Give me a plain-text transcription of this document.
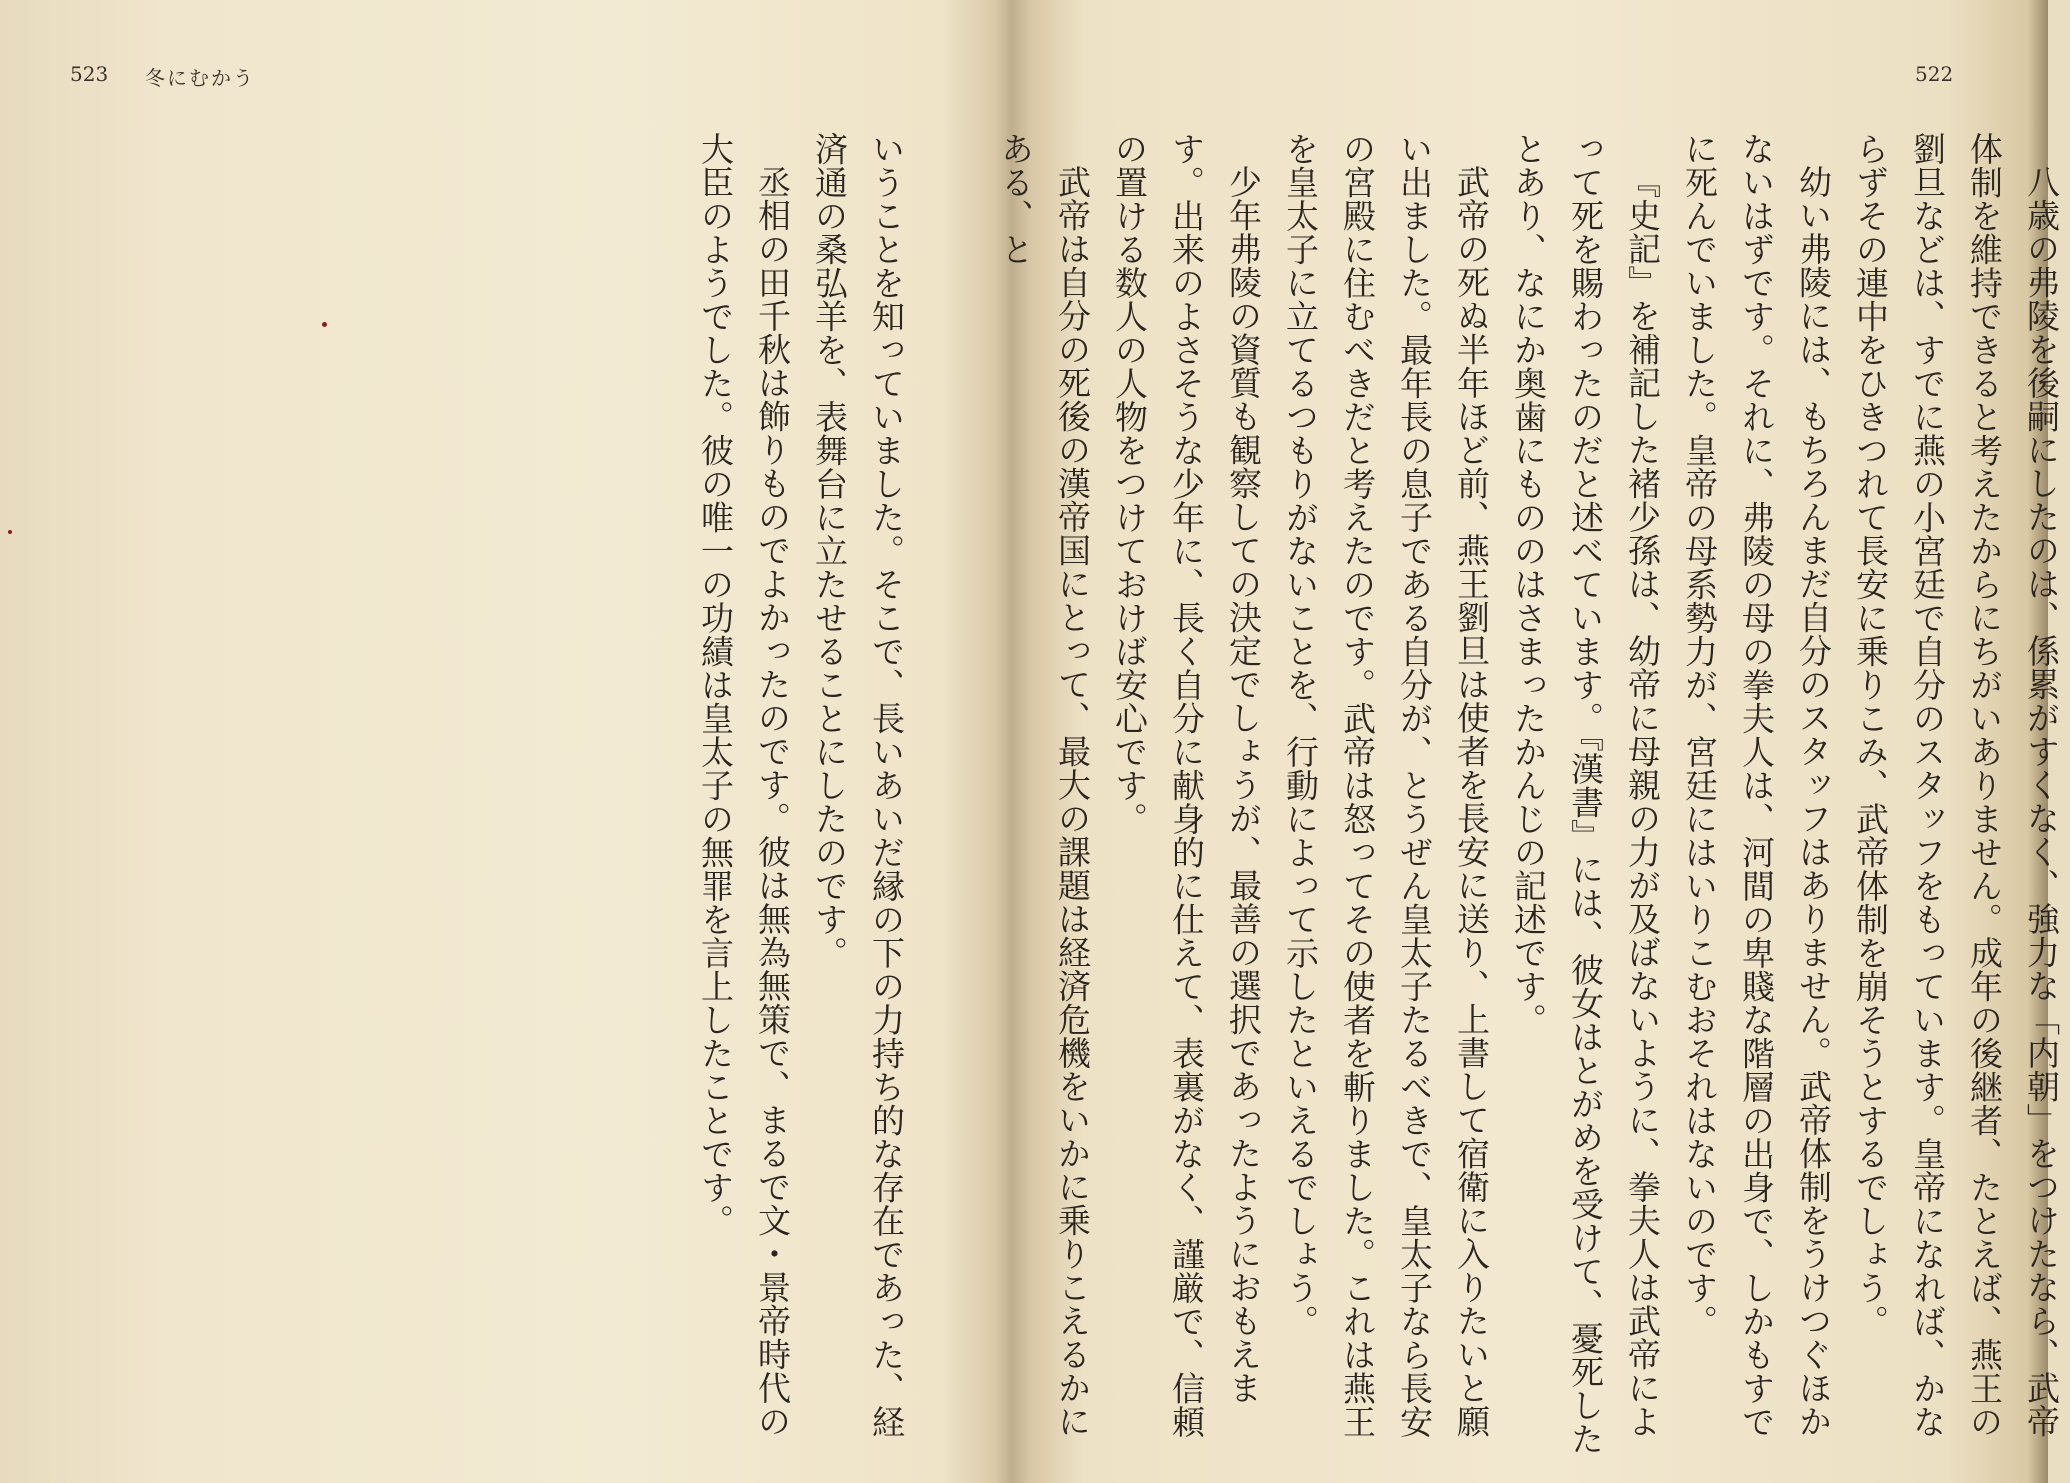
523 冬にむかう

いうことを知っていました。そこで、長いあいだ縁の下の力持ち的な存在であった、経済通の桑弘羊を、表舞台に立たせることにしたのです。

丞相の田千秋は飾りものでよかったのです。彼は無為無策で、まるで文・景帝時代の大臣のようでした。彼の唯一の功績は皇太子の無罪を言上したことです。

522

八歳の弗陵を後嗣にしたのは、係累がすくなく、強力な「内朝」をつけたなら、武帝体制を維持できると考えたからにちがいありません。成年の後継者、たとえば、燕王の劉旦などは、すでに燕の小宮廷で自分のスタッフをもっています。皇帝になれば、かならずその連中をひきつれて長安に乗りこみ、武帝体制を崩そうとするでしょう。

幼い弗陵には、もちろんまだ自分のスタッフはありません。武帝体制をうけつぐほかないはずです。それに、弗陵の母の拳夫人は、河間の卑賤な階層の出身で、しかもすでに死んでいました。皇帝の母系勢力が、宮廷にはいりこむおそれはないのです。

『史記』を補記した褚少孫は、幼帝に母親の力が及ばないように、拳夫人は武帝によって死を賜わったのだと述べています。『漢書』には、彼女はとがめを受けて、憂死したとあり、なにか奥歯にもののはさまったかんじの記述です。

武帝の死ぬ半年ほど前、燕王劉旦は使者を長安に送り、上書して宿衛に入りたいと願い出ました。最年長の息子である自分が、とうぜん皇太子たるべきで、皇太子なら長安の宮殿に住むべきだと考えたのです。武帝は怒ってその使者を斬りました。これは燕王を皇太子に立てるつもりがないことを、行動によって示したといえるでしょう。

少年弗陵の資質も観察しての決定でしょうが、最善の選択であったようにおもえます。出来のよさそうな少年に、長く自分に献身的に仕えて、表裏がなく、謹厳で、信頼の置ける数人の人物をつけておけば安心です。

武帝は自分の死後の漢帝国にとって、最大の課題は経済危機をいかに乗りこえるかにある、と
